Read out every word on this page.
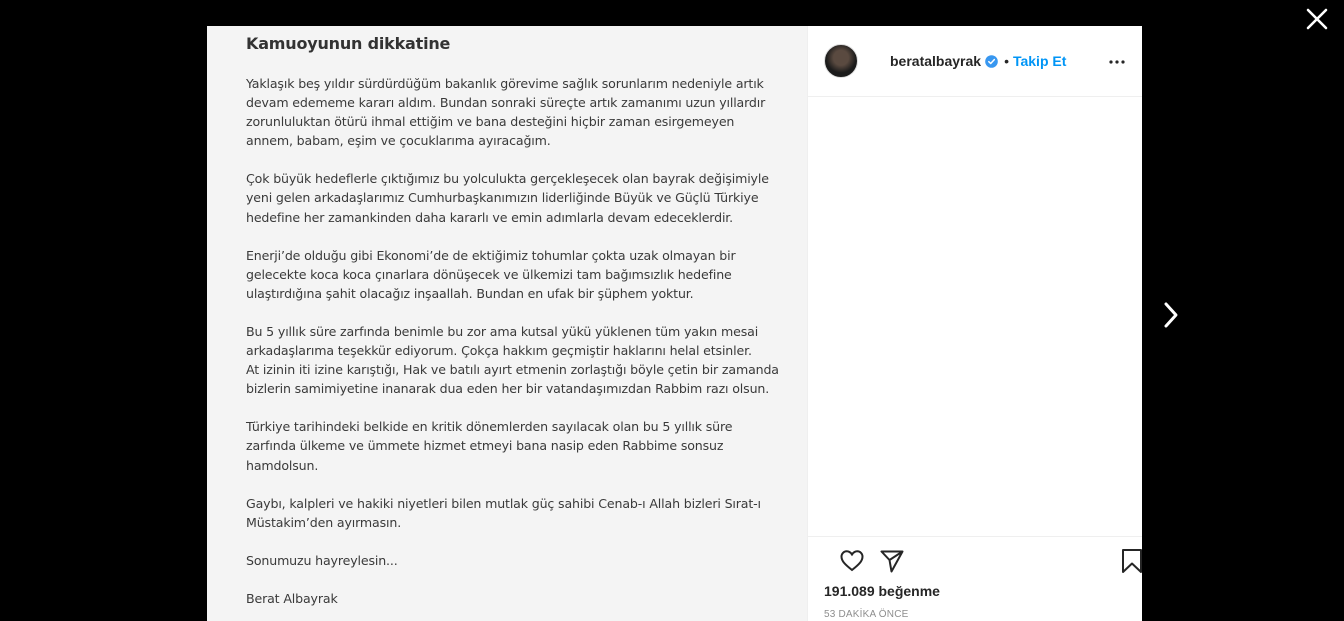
Kamuoyunun dikkatine
Yaklaşık beş yıldır sürdürdüğüm bakanlık görevime sağlık sorunlarım nedeniyle artık
devam edememe kararı aldım. Bundan sonraki süreçte artık zamanımı uzun yıllardır
zorunluluktan ötürü ihmal ettiğim ve bana desteğini hiçbir zaman esirgemeyen
annem, babam, eşim ve çocuklarıma ayıracağım.
Çok büyük hedeflerle çıktığımız bu yolculukta gerçekleşecek olan bayrak değişimiyle
yeni gelen arkadaşlarımız Cumhurbaşkanımızın liderliğinde Büyük ve Güçlü Türkiye
hedefine her zamankinden daha kararlı ve emin adımlarla devam edeceklerdir.
Enerji’de olduğu gibi Ekonomi’de de ektiğimiz tohumlar çokta uzak olmayan bir
gelecekte koca koca çınarlara dönüşecek ve ülkemizi tam bağımsızlık hedefine
ulaştırdığına şahit olacağız inşaallah. Bundan en ufak bir şüphem yoktur.
Bu 5 yıllık süre zarfında benimle bu zor ama kutsal yükü yüklenen tüm yakın mesai
arkadaşlarıma teşekkür ediyorum. Çokça hakkım geçmiştir haklarını helal etsinler.
At izinin iti izine karıştığı, Hak ve batılı ayırt etmenin zorlaştığı böyle çetin bir zamanda
bizlerin samimiyetine inanarak dua eden her bir vatandaşımızdan Rabbim razı olsun.
Türkiye tarihindeki belkide en kritik dönemlerden sayılacak olan bu 5 yıllık süre
zarfında ülkeme ve ümmete hizmet etmeyi bana nasip eden Rabbime sonsuz
hamdolsun.
Gaybı, kalpleri ve hakiki niyetleri bilen mutlak güç sahibi Cenab-ı Allah bizleri Sırat-ı
Müstakim’den ayırmasın.
Sonumuzu hayreylesin...
Berat Albayrak
beratalbayrak • Takip Et
191.089 beğenme
53 DAKİKA ÖNCE
